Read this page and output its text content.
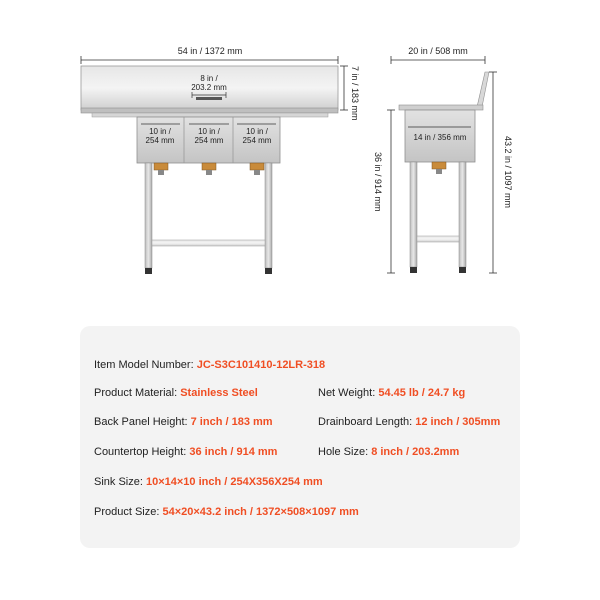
54 in / 1372 mm
8 in /
203.2 mm	7 in / 183 mm
10 in /
254 mm
10 in /
254 mm
10 in /
254 mm
20 in / 508 mm
14 in / 356 mm
36 in / 914 mm	43.2 in / 1097 mm
Item Model Number: JC-S3C101410-12LR-318
Product Material: Stainless Steel	Net Weight: 54.45 lb / 24.7 kg
Back Panel Height: 7 inch / 183 mm	Drainboard Length: 12 inch / 305mm
Countertop Height: 36 inch / 914 mm	Hole Size: 8 inch / 203.2mm
Sink Size: 10×14×10 inch / 254X356X254 mm
Product Size: 54×20×43.2 inch / 1372×508×1097 mm
